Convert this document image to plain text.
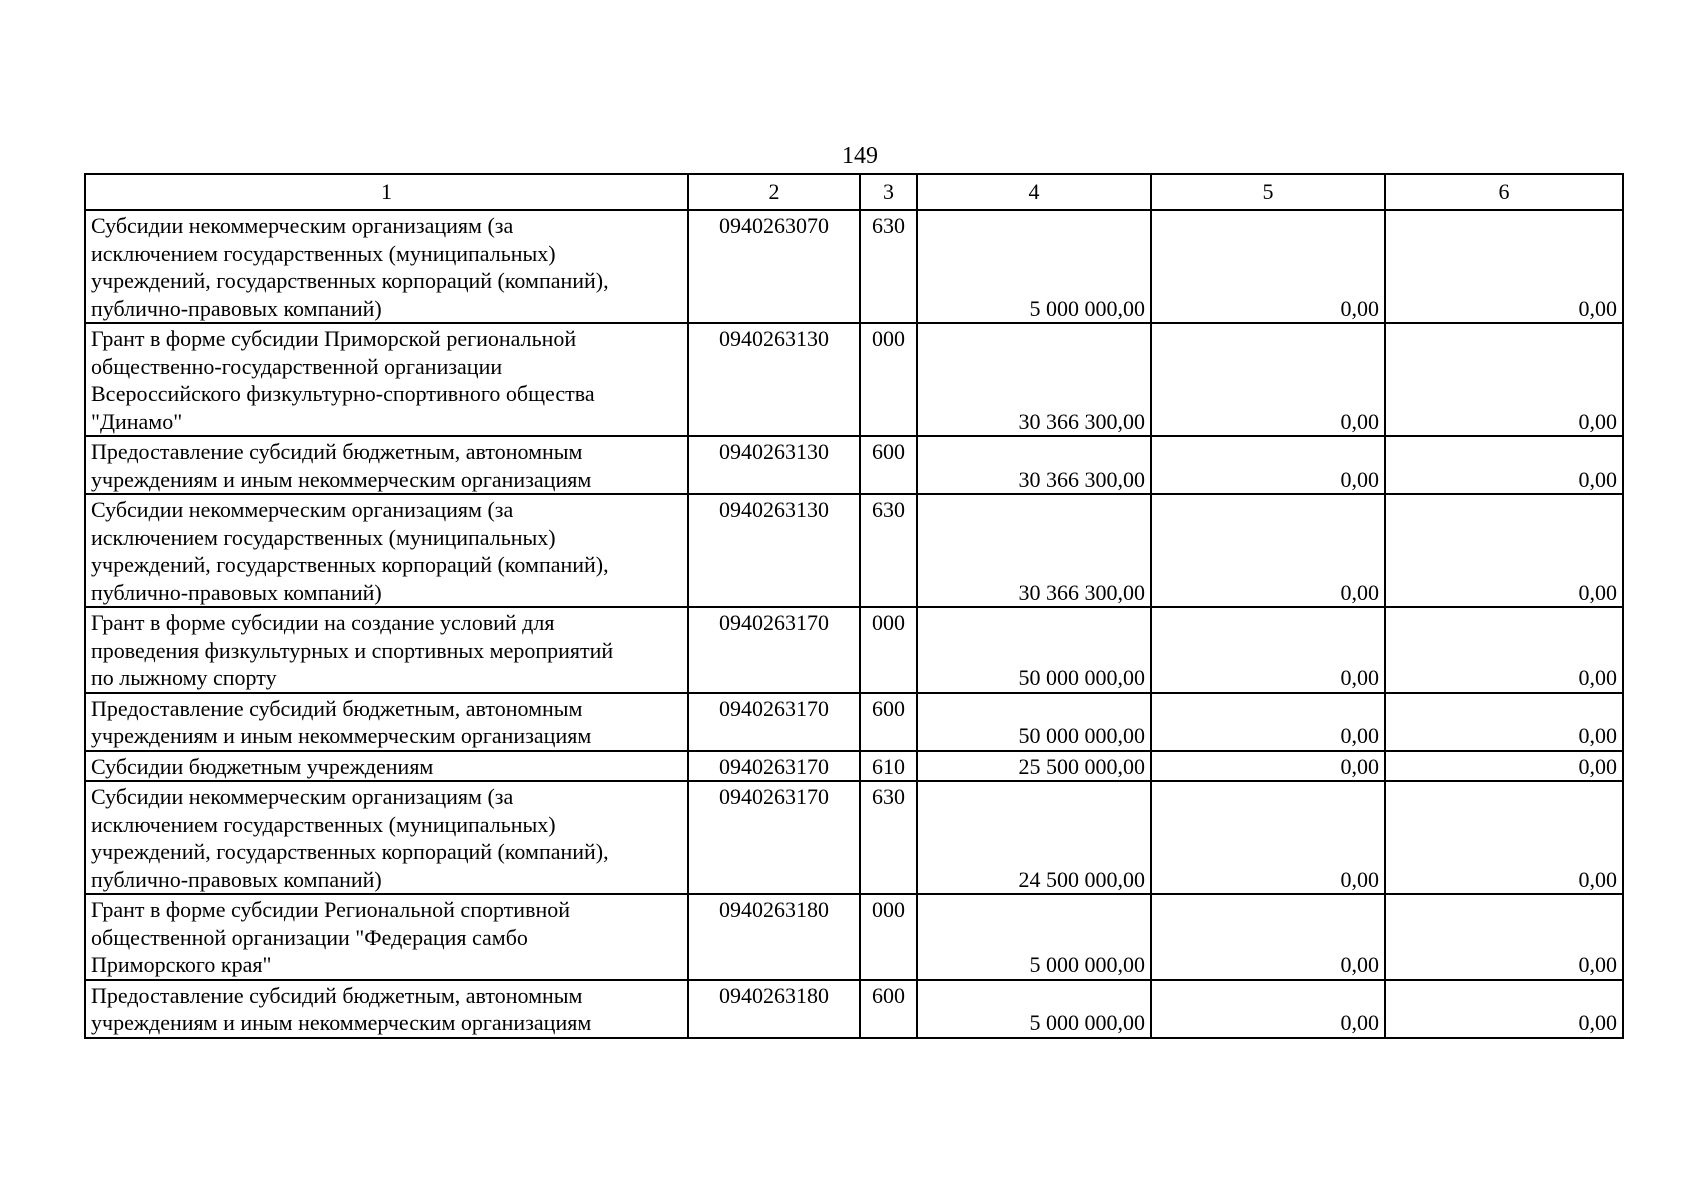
149
1	2	3	4	5	6
Субсидии некоммерческим организациям (за
исключением государственных (муниципальных)
учреждений, государственных корпораций (компаний),
публично-правовых компаний)	0940263070	630	5 000 000,00	0,00	0,00
Грант в форме субсидии Приморской региональной
общественно-государственной организации
Всероссийского физкультурно-спортивного общества
"Динамо"	0940263130	000	30 366 300,00	0,00	0,00
Предоставление субсидий бюджетным, автономным
учреждениям и иным некоммерческим организациям	0940263130	600	30 366 300,00	0,00	0,00
Субсидии некоммерческим организациям (за
исключением государственных (муниципальных)
учреждений, государственных корпораций (компаний),
публично-правовых компаний)	0940263130	630	30 366 300,00	0,00	0,00
Грант в форме субсидии на создание условий для
проведения физкультурных и спортивных мероприятий
по лыжному спорту	0940263170	000	50 000 000,00	0,00	0,00
Предоставление субсидий бюджетным, автономным
учреждениям и иным некоммерческим организациям	0940263170	600	50 000 000,00	0,00	0,00
Субсидии бюджетным учреждениям	0940263170	610	25 500 000,00	0,00	0,00
Субсидии некоммерческим организациям (за
исключением государственных (муниципальных)
учреждений, государственных корпораций (компаний),
публично-правовых компаний)	0940263170	630	24 500 000,00	0,00	0,00
Грант в форме субсидии Региональной спортивной
общественной организации "Федерация самбо
Приморского края"	0940263180	000	5 000 000,00	0,00	0,00
Предоставление субсидий бюджетным, автономным
учреждениям и иным некоммерческим организациям	0940263180	600	5 000 000,00	0,00	0,00
